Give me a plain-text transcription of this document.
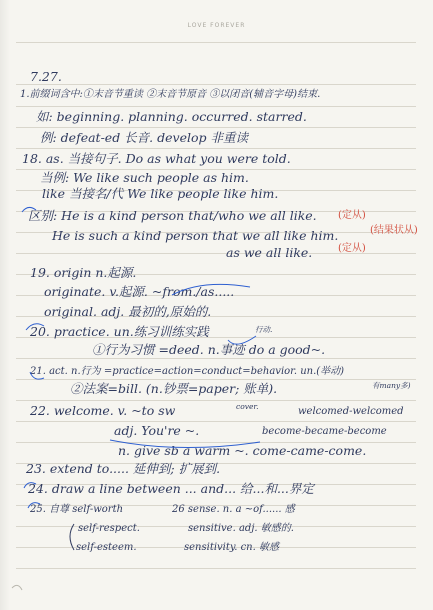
LOVE FOREVER
7.27.
1.前缀词含中:①末音节重读 ②末音节原音 ③以闭音(辅音字母)结束.
如: beginning. planning. occurred. starred.
例: defeat-ed 长音. develop 非重读
18. as. 当接句子. Do as what you were told.
当例: We like such people as him.
like 当接名/代 We like people like him.
区别: He is a kind person that/who we all like. (定从)
He is such a kind person that we all like him.	(结果状从)
as we all like.	(定从)
19. origin n.起源.
originate. v.起源. ~from./as.....
original. adj. 最初的,原始的.
20. practice. un.练习训练实践	行动.
①行为习惯 =deed. n.事迹 do a good~.
21. act. n.行为 =practice=action=conduct=behavior. un.(举动)
有many多)
②法案=bill. (n.钞票=paper; 账单).
22. welcome. v. ~to sw	cover.	welcomed-welcomed
adj. You're ~.	become-became-become
n. give sb a warm ~. come-came-come.
23. extend to..... 延伸到; 扩展到.
24. draw a line between ... and... 给...和...界定
25. 自尊 self-worth	26 sense. n. a ~of...... 感
self-respect.	sensitive. adj. 敏感的.
self-esteem.	sensitivity. cn. 敏感
